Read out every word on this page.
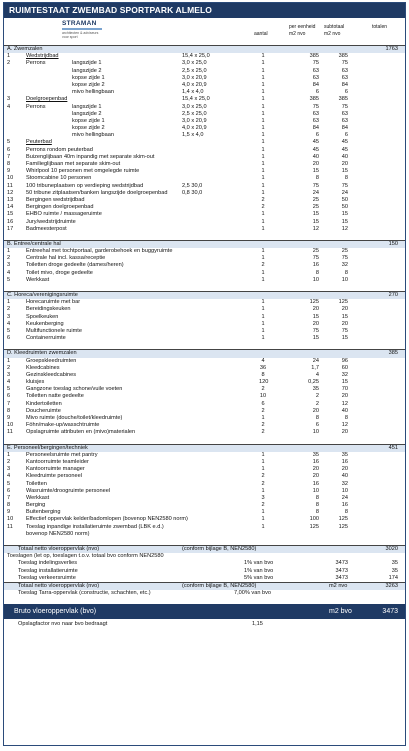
RUIMTESTAAT ZWEMBAD SPORTPARK ALMELO
STRAMAN
architecten & adviseurs
voor sport	aantal
per eenheid
m2 nvo
subtotaal
m2 nvo
totalen
A. Zwemzalen	1763
1	Wedstrijdbad	15,4 x 25,0	1	385	385
2	Perrons	langszijde 1	3,0 x 25,0	1	75	75
langszijde 2	2,5 x 25,0	1	63	63
kopse zijde 1	3,0 x 20,9	1	63	63
kopse zijde 2	4,0 x 20,9	1	84	84
mivo hellingbaan	1,4 x 4,0	1	6	6
3	Doelgroepenbad	15,4 x 25,0	1	385	385
4	Perrons	langszijde 1	3,0 x 25,0	1	75	75
langszijde 2	2,5 x 25,0	1	63	63
kopse zijde 1	3,0 x 20,9	1	63	63
kopse zijde 2	4,0 x 20,9	1	84	84
mivo hellingbaan	1,5 x 4,0	1	6	6
5	Peuterbad	1	45	45
6	Perrons rondom peuterbad	1	45	45
7	Buizenglijbaan 40m inpandig met separate skim-out	1	40	40
8	Familieglijbaan met separate skim-out	1	20	20
9	Whirlpool 10 personen met omgelegde ruimte	1	15	15
10 Stoomcabine 10 personen	1	8	8
11 100 tribuneplaatsen op verdieping wedstrijdbad	2,5 30,0	1	75	75
12 50 tribune zitplaatsen/banken langszijde doelgroepenbad	0,8 30,0	1	24	24
13 Bergingen wedstrijdbad	2	25	50
14 Bergingen doelgroepenbad	2	25	50
15 EHBO ruimte / massageruimte	1	15	15
16 Jury/wedstrijdruimte	1	15	15
17 Badmeesterpost	1	12	12
B. Entree/centrale hal	150
1	Entreehal met tochtportaal, garderobehoek en buggyruimte	1	25	25
2	Centrale hal incl. kassa/receptie	1	75	75
3	Toiletten droge gedeelte (dames/heren)	2	16	32
4	Toilet mivo, droge gedeelte	1	8	8
5	Werkkast	1	10	10
C. Horeca/verenigingsruimte	270
1	Horecaruimte met bar	1	125	125
2	Bereidingskeuken	1	20	20
3	Spoelkeuken	1	15	15
4	Keukenberging	1	20	20
5	Multifunctionele ruimte	1	75	75
6	Containerruimte	1	15	15
D. Kleedruimten zwemzalen	385
1	Groepskleedruimten	4	24	96
2	Kleedcabines	36	1,7	60
3	Gezinskleedcabines	8	4	32
4	kluisjes	120	0,25	15
5	Gangzone toeslag schone/vuile voeten	2	35	70
6	Toiletten natte gedeelte	10	2	20
7	Kindertoiletten	6	2	12
8	Doucheruimte	2	20	40
9	Mivo ruimte (douche/toilet/kleedruimte)	1	8	8
10 Föhn/make-up/wasschtruimte	2	6	12
11 Opslagruimte attributen en (mivo)materialen	2	10	20
E. Personeel/bergingen/techniek	451
1	Personeelsruimte met pantry	1	35	35
2	Kantoorruimte teamleider	1	16	16
3	Kantoorruimte manager	1	20	20
4	Kleedruimte personeel	2	20	40
5	Toiletten	2	16	32
6	Wasruimte/droogruimte personeel	1	10	10
7	Werkkast	3	8	24
8	Berging	2	8	16
9	Buitenberging	1	8	8
10 Effectief oppervlak kelder/badomlopen (bovenop NEN2580 norm)	1	100	125
11 Toeslag inpandige installatieruimte zwembad (LBK e.d.)	1	125	125
bovenop NEN2580 norm)
Totaal netto vloeroppervlak (nvo)	(conform bijlage B, NEN2580)	3020
Toeslagen (let op, toeslagen t.o.v. totaal bvo conform NEN2580
Toeslag indelingsverlies	1% van bvo	3473	35
Toeslag installatieruimte	1% van bvo	3473	35
Toeslag verkeersruimte	5% van bvo	3473	174
Totaal netto vloeroppervlak (nvo)	(conform bijlage B, NEN2580)	m2 nvo	3263
Toeslag Tarra-oppervlak (constructie, schachten, etc.)	7,00% van bvo
Bruto vloeroppervlak (bvo)	m2 bvo	3473
Opslagfactor nvo naar bvo bedraagt	1,15
